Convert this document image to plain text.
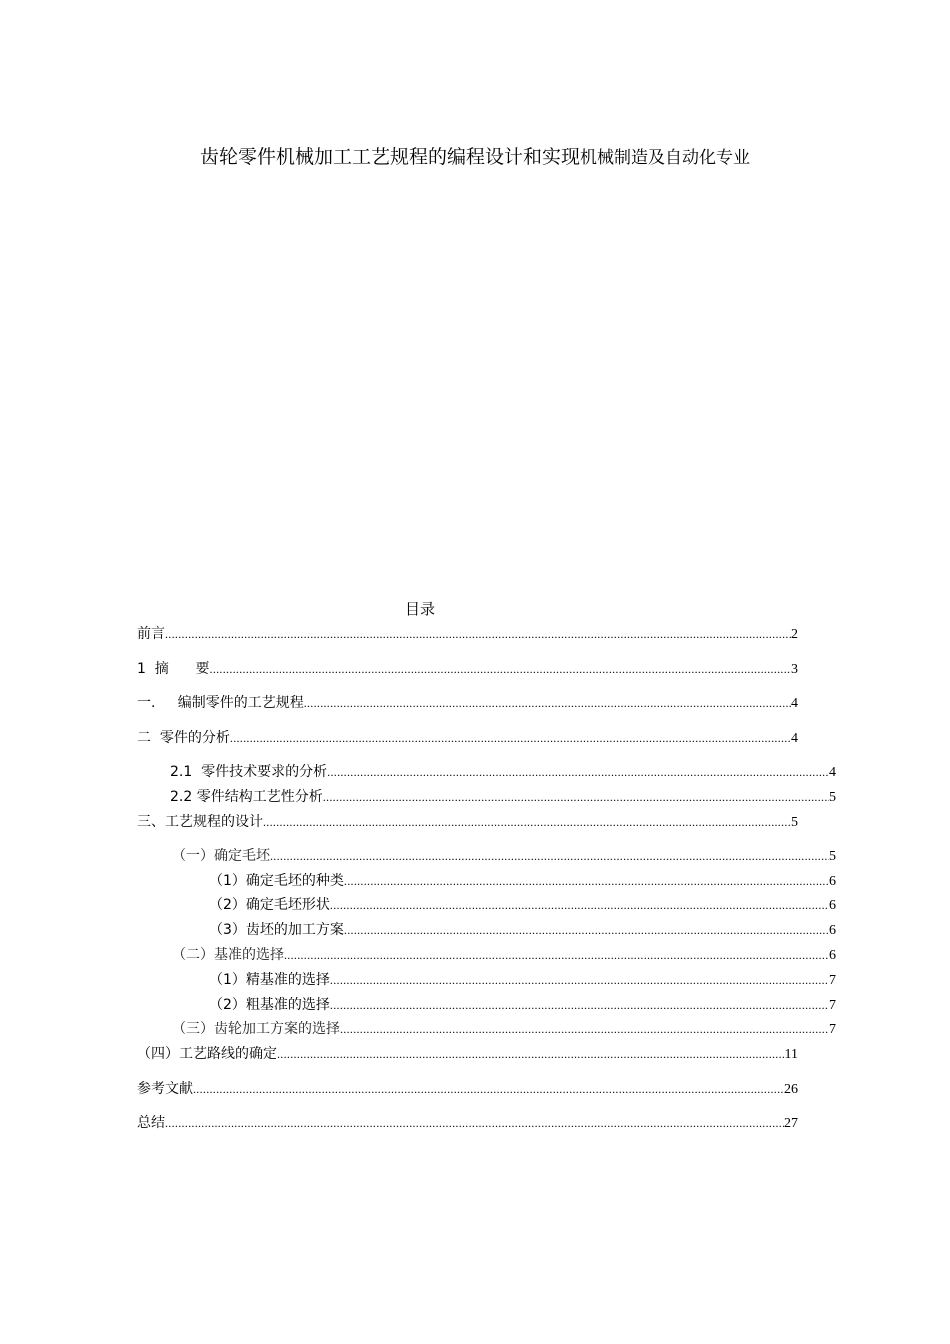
齿轮零件机械加工工艺规程的编程设计和实现机械制造及自动化专业
目录
前言 .....	2
1  摘      要 .....	3
一.     编制零件的工艺规程 .....	4
二  零件的分析 .....	4
2.1  零件技术要求的分析 .....	4
2.2 零件结构工艺性分析 .....	5
三、工艺规程的设计 .....	5
（一）确定毛坯 .....	5
（1）确定毛坯的种类 .....	6
（2）确定毛坯形状 .....	6
（3）齿坯的加工方案 .....	6
（二）基准的选择 .....	6
（1）精基准的选择 .....	7
（2）粗基准的选择 .....	7
（三）齿轮加工方案的选择 .....	7
（四）工艺路线的确定 .....	11
参考文献 .....	26
总结 .....	27
